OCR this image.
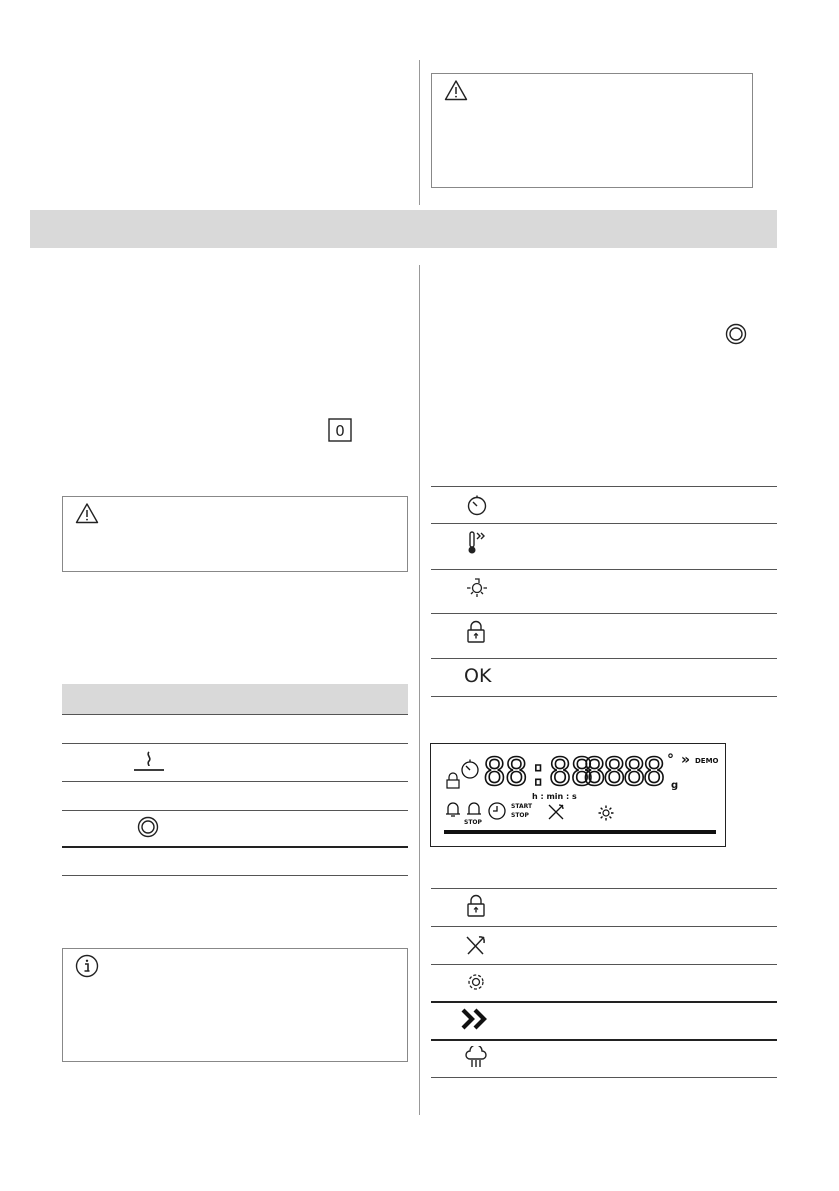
0
OK
88:88
8888 ° » DEMO
g
h : min : s
STOP
START
STOP
